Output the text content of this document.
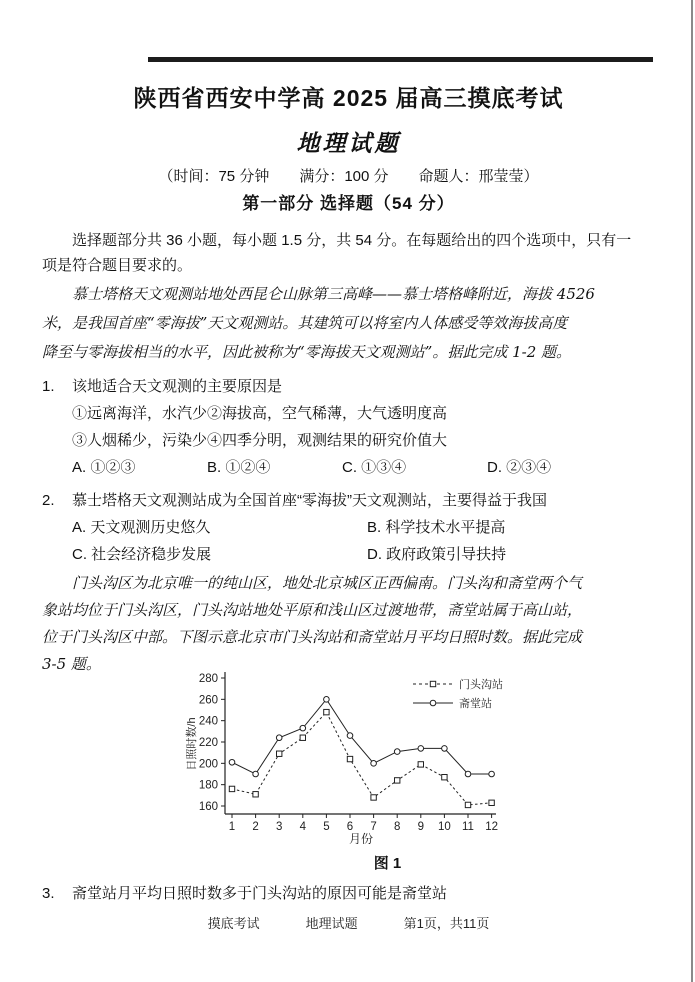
陕西省西安中学高 2025 届高三摸底考试
地理试题
（时间：75 分钟　　满分：100 分　　命题人：邢莹莹）
第一部分 选择题（54 分）
选择题部分共 36 小题，每小题 1.5 分，共 54 分。在每题给出的四个选项中，只有一
项是符合题目要求的。
慕士塔格天文观测站地处西昆仑山脉第三高峰——慕士塔格峰附近，海拔 4526
米，是我国首座“零海拔”天文观测站。其建筑可以将室内人体感受等效海拔高度
降至与零海拔相当的水平，因此被称为“零海拔天文观测站”。据此完成 1-2 题。
1.	该地适合天文观测的主要原因是
①远离海洋，水汽少②海拔高，空气稀薄，大气透明度高
③人烟稀少，污染少④四季分明，观测结果的研究价值大
A. ①②③	B. ①②④	C. ①③④	D. ②③④
2.	慕士塔格天文观测站成为全国首座“零海拔”天文观测站，主要得益于我国
A. 天文观测历史悠久	B. 科学技术水平提高
C. 社会经济稳步发展	D. 政府政策引导扶持
门头沟区为北京唯一的纯山区，地处北京城区正西偏南。门头沟和斋堂两个气
象站均位于门头沟区，门头沟站地处平原和浅山区过渡地带，斋堂站属于高山站，
位于门头沟区中部。下图示意北京市门头沟站和斋堂站月平均日照时数。据此完成
3-5 题。
160
180
200
220
240
260
280
1 2 3 4 5 6 7 8 9 10 11 12
月份
日照时数/h
门头沟站
斋堂站
图 1
3.	斋堂站月平均日照时数多于门头沟站的原因可能是斋堂站
摸底考试	地理试题	第1页，共11页
